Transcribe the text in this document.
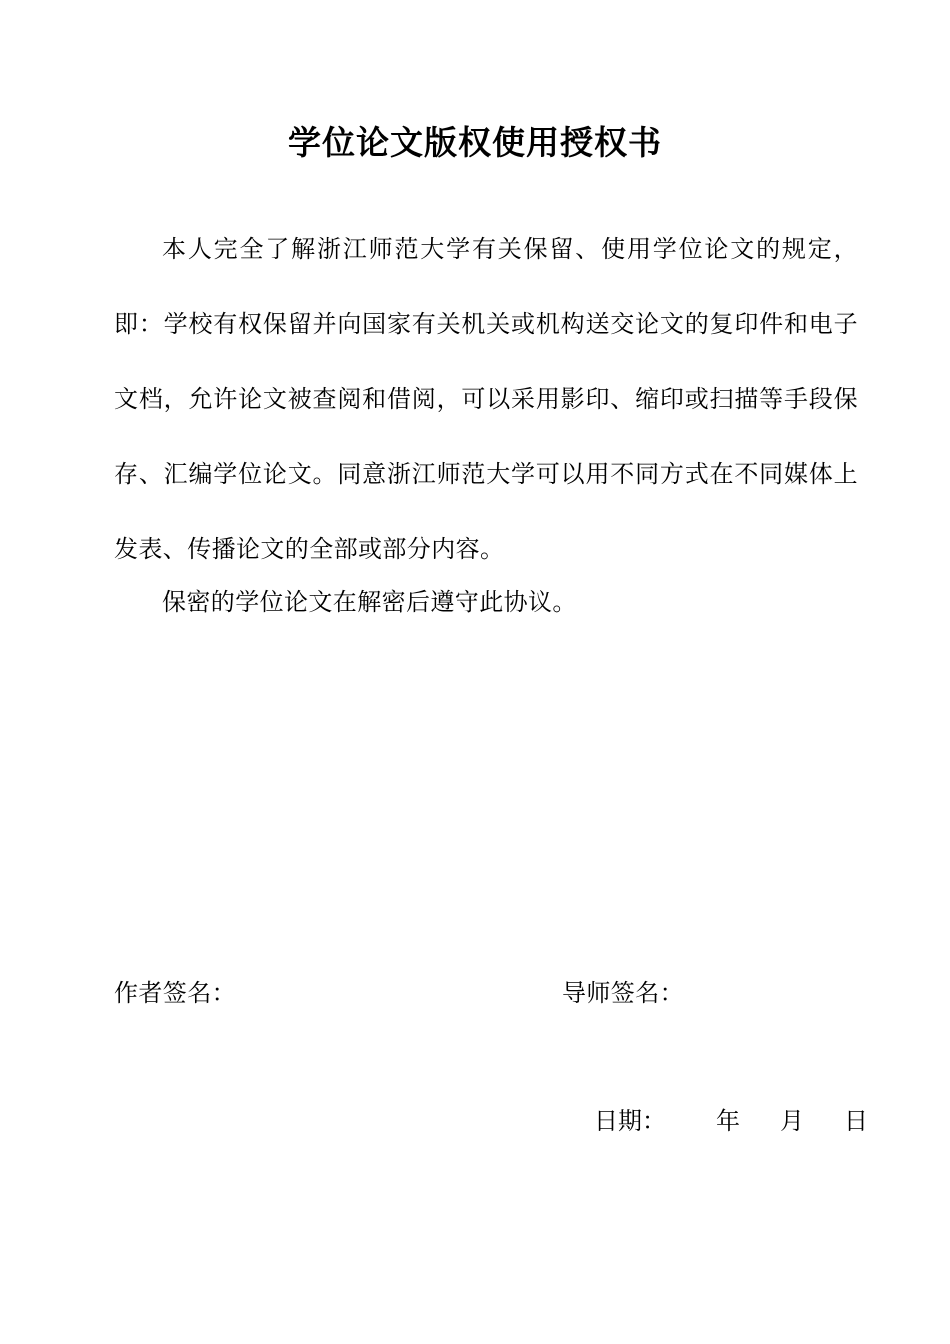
学位论文版权使用授权书

本人完全了解浙江师范大学有关保留、使用学位论文的规定，即：学校有权保留并向国家有关机关或机构送交论文的复印件和电子文档，允许论文被查阅和借阅，可以采用影印、缩印或扫描等手段保存、汇编学位论文。同意浙江师范大学可以用不同方式在不同媒体上发表、传播论文的全部或部分内容。

保密的学位论文在解密后遵守此协议。

作者签名：	导师签名：
日期： 年 月 日
